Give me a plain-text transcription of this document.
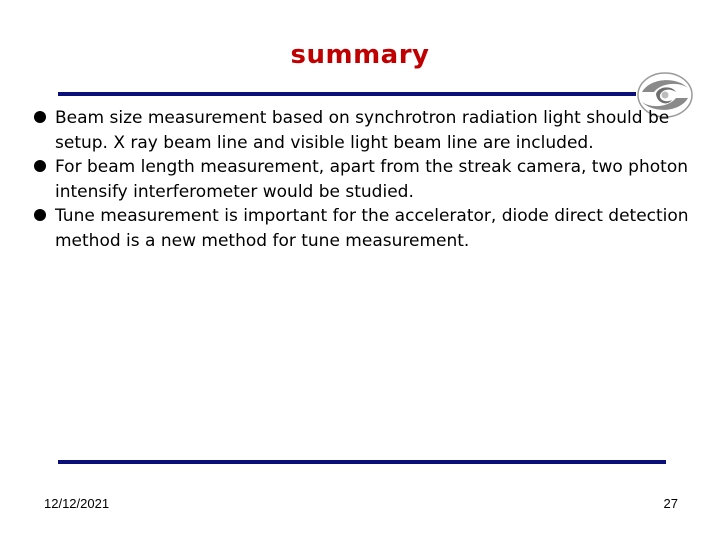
summary
Beam size measurement based on synchrotron radiation light should be setup. X ray beam line and visible light beam line are included.
For beam length measurement, apart from the streak camera, two photon intensify interferometer would be studied.
Tune measurement is important for the accelerator, diode direct detection method is a new method for tune measurement.
12/12/2021	27
